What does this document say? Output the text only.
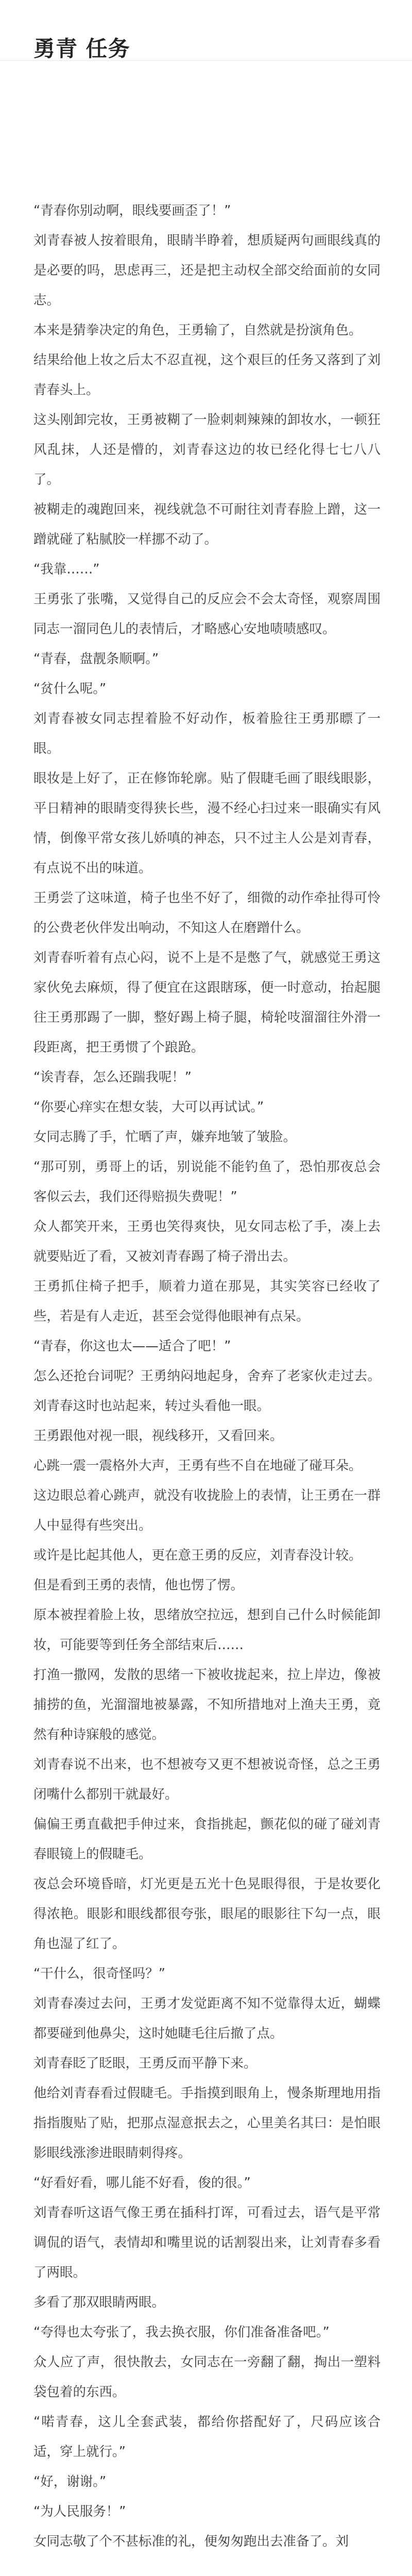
勇青 任务

“青春你别动啊，眼线要画歪了！”

刘青春被人按着眼角，眼睛半睁着，想质疑两句画眼线真的是必要的吗，思虑再三，还是把主动权全部交给面前的女同志。

本来是猜拳决定的角色，王勇输了，自然就是扮演角色。

结果给他上妆之后太不忍直视，这个艰巨的任务又落到了刘青春头上。

这头刚卸完妆，王勇被糊了一脸刺刺辣辣的卸妆水，一顿狂风乱抹，人还是懵的，刘青春这边的妆已经化得七七八八了。

被糊走的魂跑回来，视线就急不可耐往刘青春脸上蹭，这一蹭就碰了粘腻胶一样挪不动了。

“我靠……”

王勇张了张嘴，又觉得自己的反应会不会太奇怪，观察周围同志一溜同色儿的表情后，才略感心安地啧啧感叹。

“青春，盘靓条顺啊。”

“贫什么呢。”

刘青春被女同志捏着脸不好动作，板着脸往王勇那瞟了一眼。

眼妆是上好了，正在修饰轮廓。贴了假睫毛画了眼线眼影，平日精神的眼睛变得狭长些，漫不经心扫过来一眼确实有风情，倒像平常女孩儿娇嗔的神态，只不过主人公是刘青春，有点说不出的味道。

王勇尝了这味道，椅子也坐不好了，细微的动作牵扯得可怜的公费老伙伴发出响动，不知这人在磨蹭什么。

刘青春听着有点心闷，说不上是不是憋了气，就感觉王勇这家伙免去麻烦，得了便宜在这跟瞎琢，便一时意动，抬起腿往王勇那踢了一脚，整好踢上椅子腿，椅轮吱溜溜往外滑一段距离，把王勇惯了个踉跄。

“诶青春，怎么还踹我呢！”

“你要心痒实在想女装，大可以再试试。”

女同志腾了手，忙晒了声，嫌弃地皱了皱脸。

“那可别，勇哥上的话，别说能不能钓鱼了，恐怕那夜总会客似云去，我们还得赔损失费呢！”

众人都笑开来，王勇也笑得爽快，见女同志松了手，凑上去就要贴近了看，又被刘青春踢了椅子滑出去。

王勇抓住椅子把手，顺着力道在那晃，其实笑容已经收了些，若是有人走近，甚至会觉得他眼神有点呆。

“青春，你这也太——适合了吧！”

怎么还抢台词呢？王勇纳闷地起身，舍弃了老家伙走过去。刘青春这时也站起来，转过头看他一眼。

王勇跟他对视一眼，视线移开，又看回来。

心跳一震一震格外大声，王勇有些不自在地碰了碰耳朵。

这边眼总着心跳声，就没有收拢脸上的表情，让王勇在一群人中显得有些突出。

或许是比起其他人，更在意王勇的反应，刘青春没计较。

但是看到王勇的表情，他也愣了愣。

原本被捏着脸上妆，思绪放空拉远，想到自己什么时候能卸妆，可能要等到任务全部结束后……

打渔一撒网，发散的思绪一下被收拢起来，拉上岸边，像被捕捞的鱼，光溜溜地被暴露，不知所措地对上渔夫王勇，竟然有种诗寐般的感觉。

刘青春说不出来，也不想被夸又更不想被说奇怪，总之王勇闭嘴什么都别干就最好。

偏偏王勇直截把手伸过来，食指挑起，颤花似的碰了碰刘青春眼镜上的假睫毛。

夜总会环境昏暗，灯光更是五光十色晃眼得很，于是妆要化得浓艳。眼影和眼线都很夸张，眼尾的眼影往下勾一点，眼角也湿了红了。

“干什么，很奇怪吗？”

刘青春凑过去问，王勇才发觉距离不知不觉靠得太近，蝴蝶都要碰到他鼻尖，这时她睫毛往后撤了点。

刘青春眨了眨眼，王勇反而平静下来。

他给刘青春看过假睫毛。手指摸到眼角上，慢条斯理地用指指指腹贴了贴，把那点湿意抿去之，心里美名其曰：是怕眼影眼线涨渗进眼睛刺得疼。

“好看好看，哪儿能不好看，俊的很。”

刘青春听这语气像王勇在插科打诨，可看过去，语气是平常调侃的语气，表情却和嘴里说的话割裂出来，让刘青春多看了两眼。

多看了那双眼睛两眼。

“夸得也太夸张了，我去换衣服，你们准备准备吧。”

众人应了声，很快散去，女同志在一旁翻了翻，掏出一塑料袋包着的东西。

“喏青春，这儿全套武装，都给你搭配好了，尺码应该合适，穿上就行。”

“好，谢谢。”

“为人民服务！”

女同志敬了个不甚标准的礼，便匆匆跑出去准备了。刘
